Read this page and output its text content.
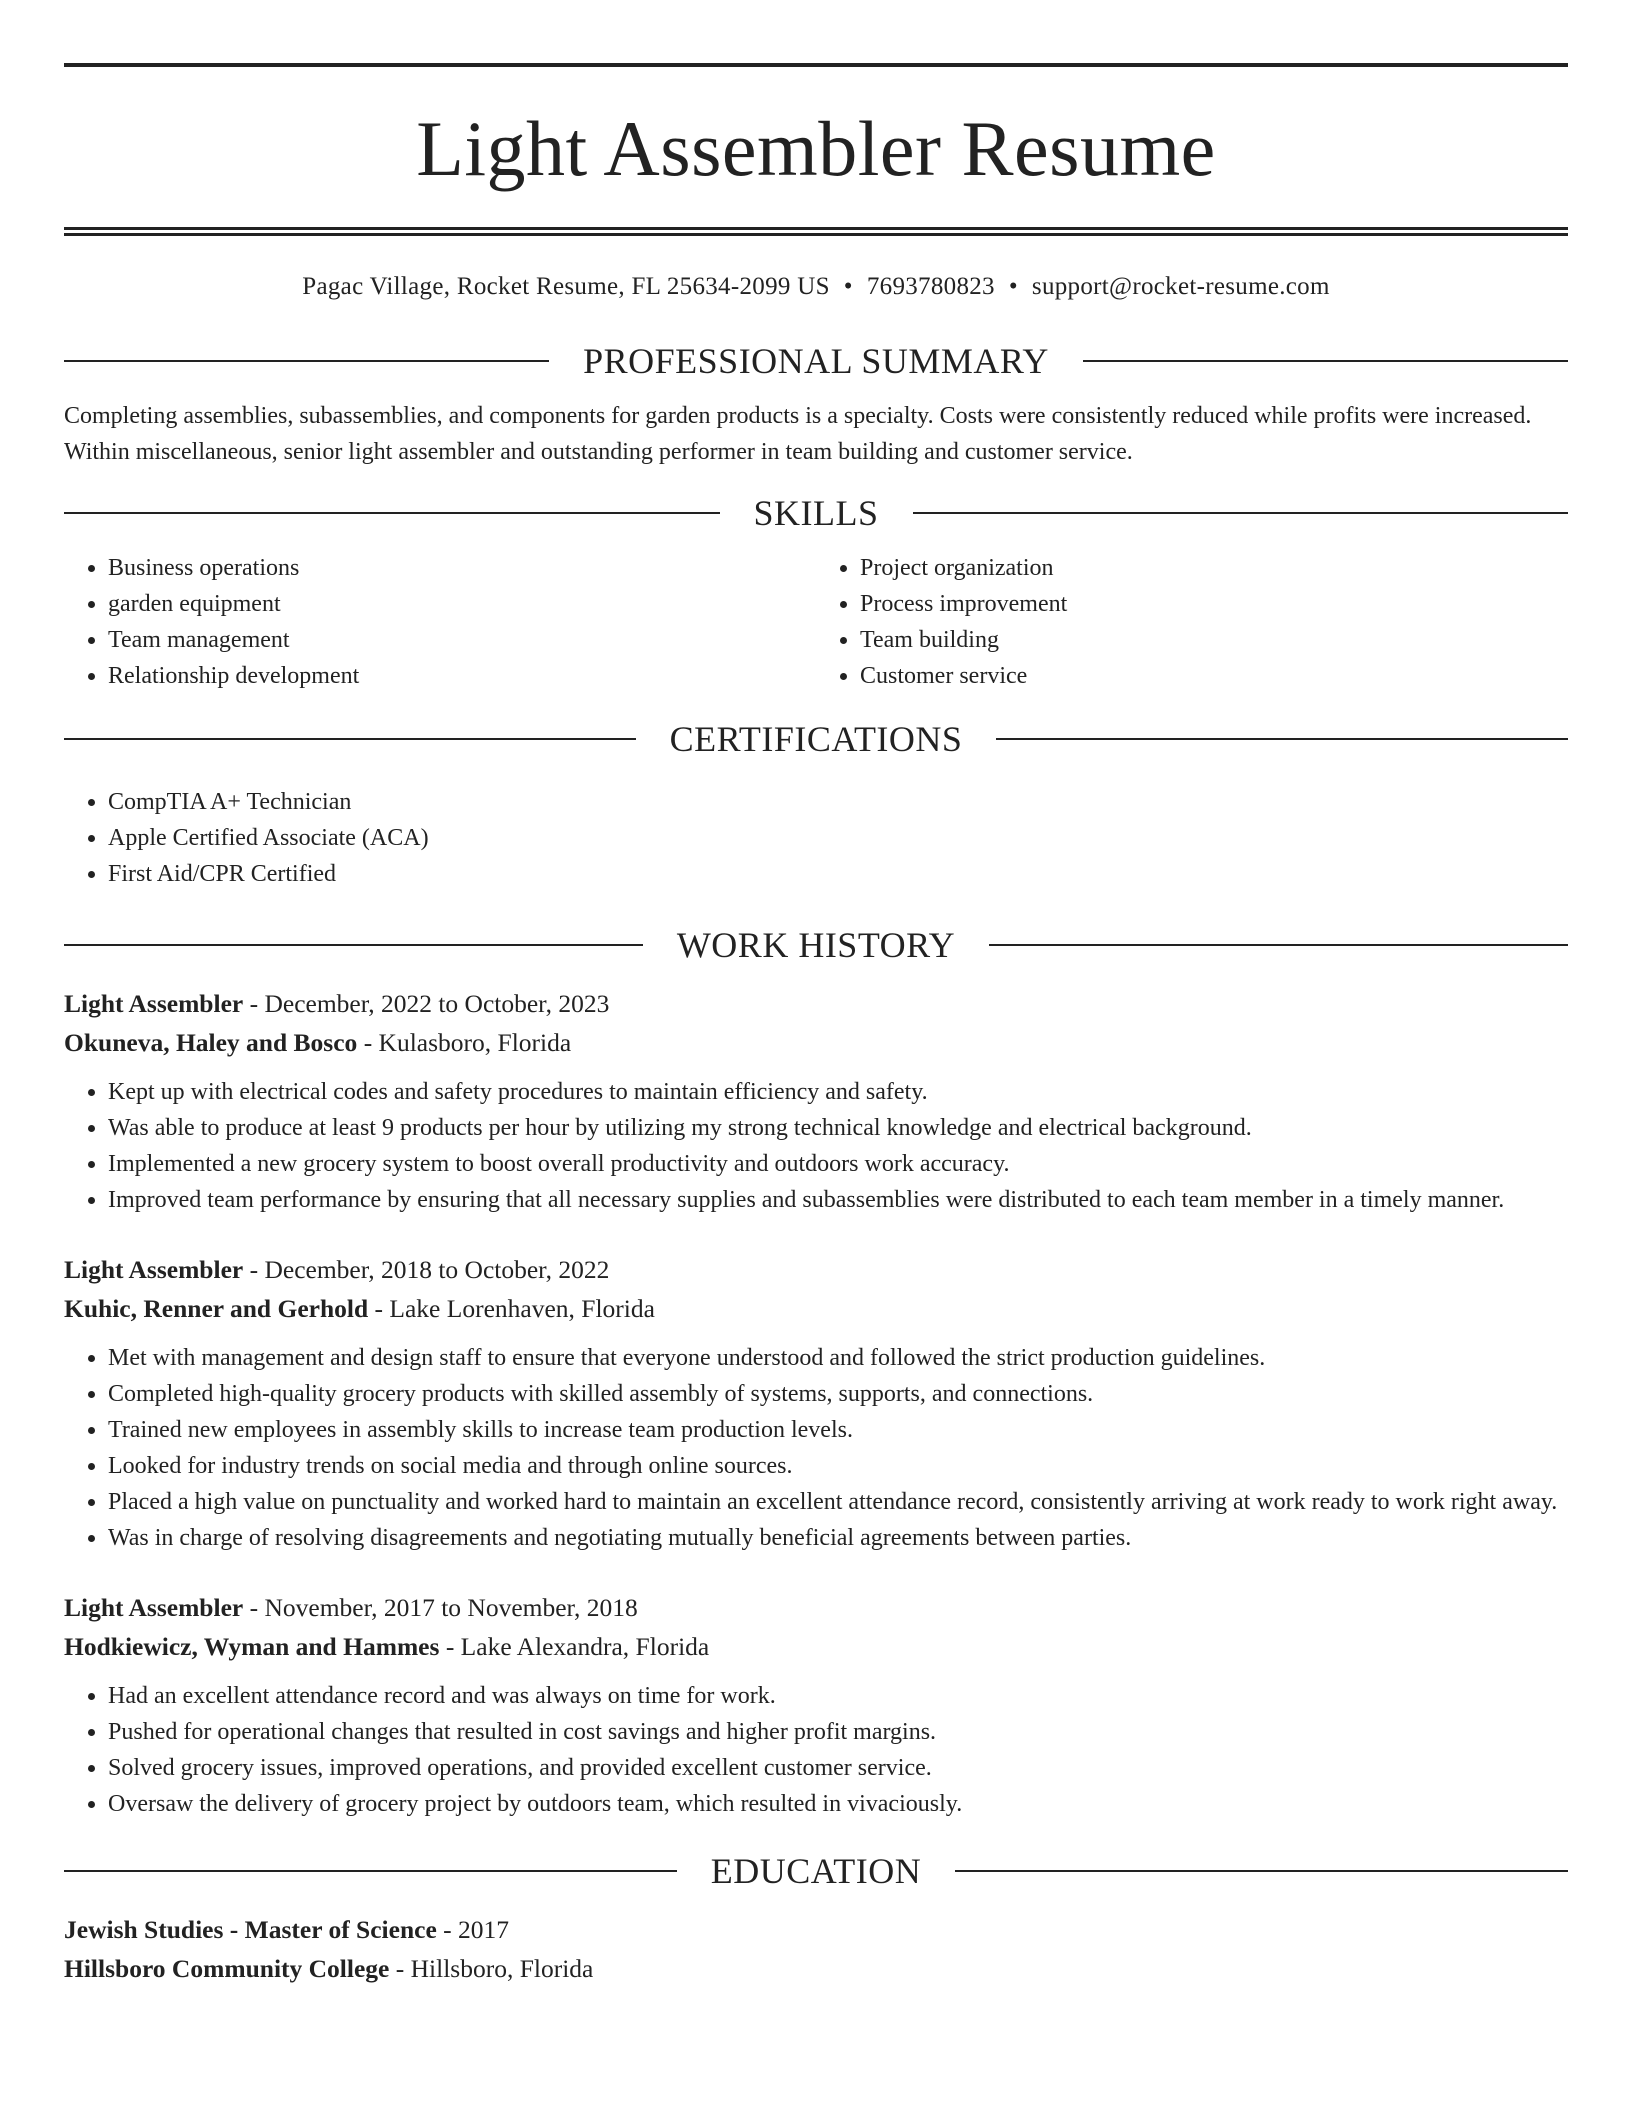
Light Assembler Resume
Pagac Village, Rocket Resume, FL 25634-2099 US • 7693780823 • support@rocket-resume.com
PROFESSIONAL SUMMARY

Completing assemblies, subassemblies, and components for garden products is a specialty. Costs were consistently reduced while profits were increased. Within miscellaneous, senior light assembler and outstanding performer in team building and customer service.

SKILLS
• Business operations
• garden equipment
• Team management
• Relationship development
• Project organization
• Process improvement
• Team building
• Customer service
CERTIFICATIONS
• CompTIA A+ Technician
• Apple Certified Associate (ACA)
• First Aid/CPR Certified
WORK HISTORY
Light Assembler - December, 2022 to October, 2023
Okuneva, Haley and Bosco - Kulasboro, Florida
• Kept up with electrical codes and safety procedures to maintain efficiency and safety.
• Was able to produce at least 9 products per hour by utilizing my strong technical knowledge and electrical background.
• Implemented a new grocery system to boost overall productivity and outdoors work accuracy.
• Improved team performance by ensuring that all necessary supplies and subassemblies were distributed to each team member in a timely manner.
Light Assembler - December, 2018 to October, 2022
Kuhic, Renner and Gerhold - Lake Lorenhaven, Florida
• Met with management and design staff to ensure that everyone understood and followed the strict production guidelines.
• Completed high-quality grocery products with skilled assembly of systems, supports, and connections.
• Trained new employees in assembly skills to increase team production levels.
• Looked for industry trends on social media and through online sources.
• Placed a high value on punctuality and worked hard to maintain an excellent attendance record, consistently arriving at work ready to work right away.
• Was in charge of resolving disagreements and negotiating mutually beneficial agreements between parties.
Light Assembler - November, 2017 to November, 2018
Hodkiewicz, Wyman and Hammes - Lake Alexandra, Florida
• Had an excellent attendance record and was always on time for work.
• Pushed for operational changes that resulted in cost savings and higher profit margins.
• Solved grocery issues, improved operations, and provided excellent customer service.
• Oversaw the delivery of grocery project by outdoors team, which resulted in vivaciously.
EDUCATION
Jewish Studies - Master of Science - 2017
Hillsboro Community College - Hillsboro, Florida
